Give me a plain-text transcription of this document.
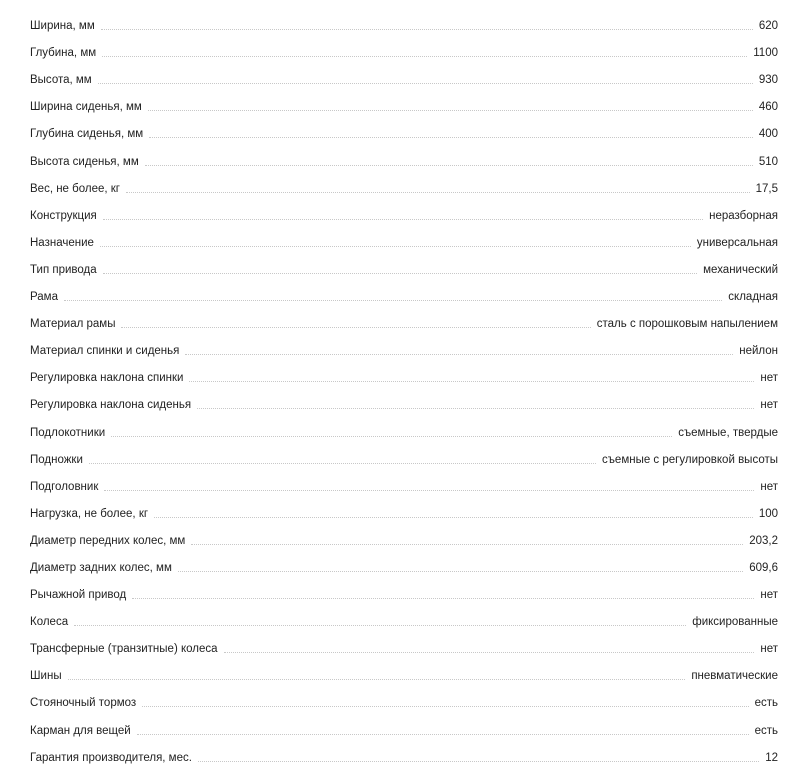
Ширина, мм	620
Глубина, мм	1100
Высота, мм	930
Ширина сиденья, мм	460
Глубина сиденья, мм	400
Высота сиденья, мм	510
Вес, не более, кг	17,5
Конструкция	неразборная
Назначение	универсальная
Тип привода	механический
Рама	складная
Материал рамы	сталь с порошковым напылением
Материал спинки и сиденья	нейлон
Регулировка наклона спинки	нет
Регулировка наклона сиденья	нет
Подлокотники	съемные, твердые
Подножки	съемные с регулировкой высоты
Подголовник	нет
Нагрузка, не более, кг	100
Диаметр передних колес, мм	203,2
Диаметр задних колес, мм	609,6
Рычажной привод	нет
Колеса	фиксированные
Трансферные (транзитные) колеса	нет
Шины	пневматические
Стояночный тормоз	есть
Карман для вещей	есть
Гарантия производителя, мес.	12
